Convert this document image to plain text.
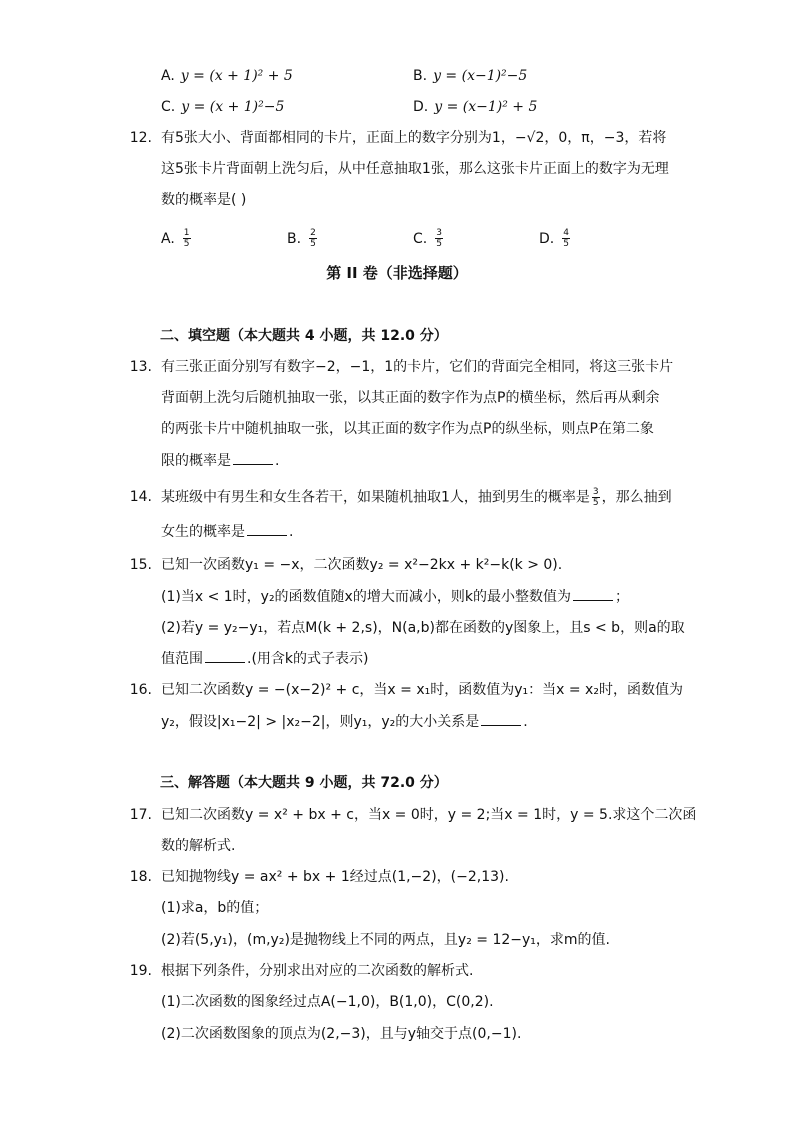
A. y = (x + 1)² + 5	B. y = (x−1)²−5
C. y = (x + 1)²−5	D. y = (x−1)² + 5
12. 有5张大小、背面都相同的卡片，正面上的数字分别为1，−√2，0，π，−3，若将
这5张卡片背面朝上洗匀后，从中任意抽取1张，那么这张卡片正面上的数字为无理
数的概率是( )
A. $\frac{1}{5}$	B. $\frac{2}{5}$	C. $\frac{3}{5}$	D. $\frac{4}{5}$
第 II 卷（非选择题）
二、填空题（本大题共 4 小题，共 12.0 分）
13. 有三张正面分别写有数字−2，−1，1的卡片，它们的背面完全相同，将这三张卡片
背面朝上洗匀后随机抽取一张，以其正面的数字作为点P的横坐标，然后再从剩余
的两张卡片中随机抽取一张，以其正面的数字作为点P的纵坐标，则点P在第二象
限的概率是	.
14. 某班级中有男生和女生各若干，如果随机抽取1人，抽到男生的概率是 $\frac{3}{5}$ ，那么抽到
女生的概率是	.
15. 已知一次函数y₁ = −x，二次函数y₂ = x²−2kx + k²−k(k > 0).
(1)当x < 1时，y₂的函数值随x的增大而减小，则k的最小整数值为	；
(2)若y = y₂−y₁，若点M(k + 2,s)，N(a,b)都在函数的y图象上，且s < b，则a的取
值范围	.(用含k的式子表示)
16. 已知二次函数y = −(x−2)² + c，当x = x₁时，函数值为y₁：当x = x₂时，函数值为
y₂，假设|x₁−2| > |x₂−2|，则y₁，y₂的大小关系是	.
三、解答题（本大题共 9 小题，共 72.0 分）
17. 已知二次函数y = x² + bx + c，当x = 0时，y = 2;当x = 1时，y = 5.求这个二次函
数的解析式.
18. 已知抛物线y = ax² + bx + 1经过点(1,−2)，(−2,13).
(1)求a，b的值；
(2)若(5,y₁)，(m,y₂)是抛物线上不同的两点，且y₂ = 12−y₁，求m的值.
19. 根据下列条件，分别求出对应的二次函数的解析式.
(1)二次函数的图象经过点A(−1,0)，B(1,0)，C(0,2).
(2)二次函数图象的顶点为(2,−3)，且与y轴交于点(0,−1).
